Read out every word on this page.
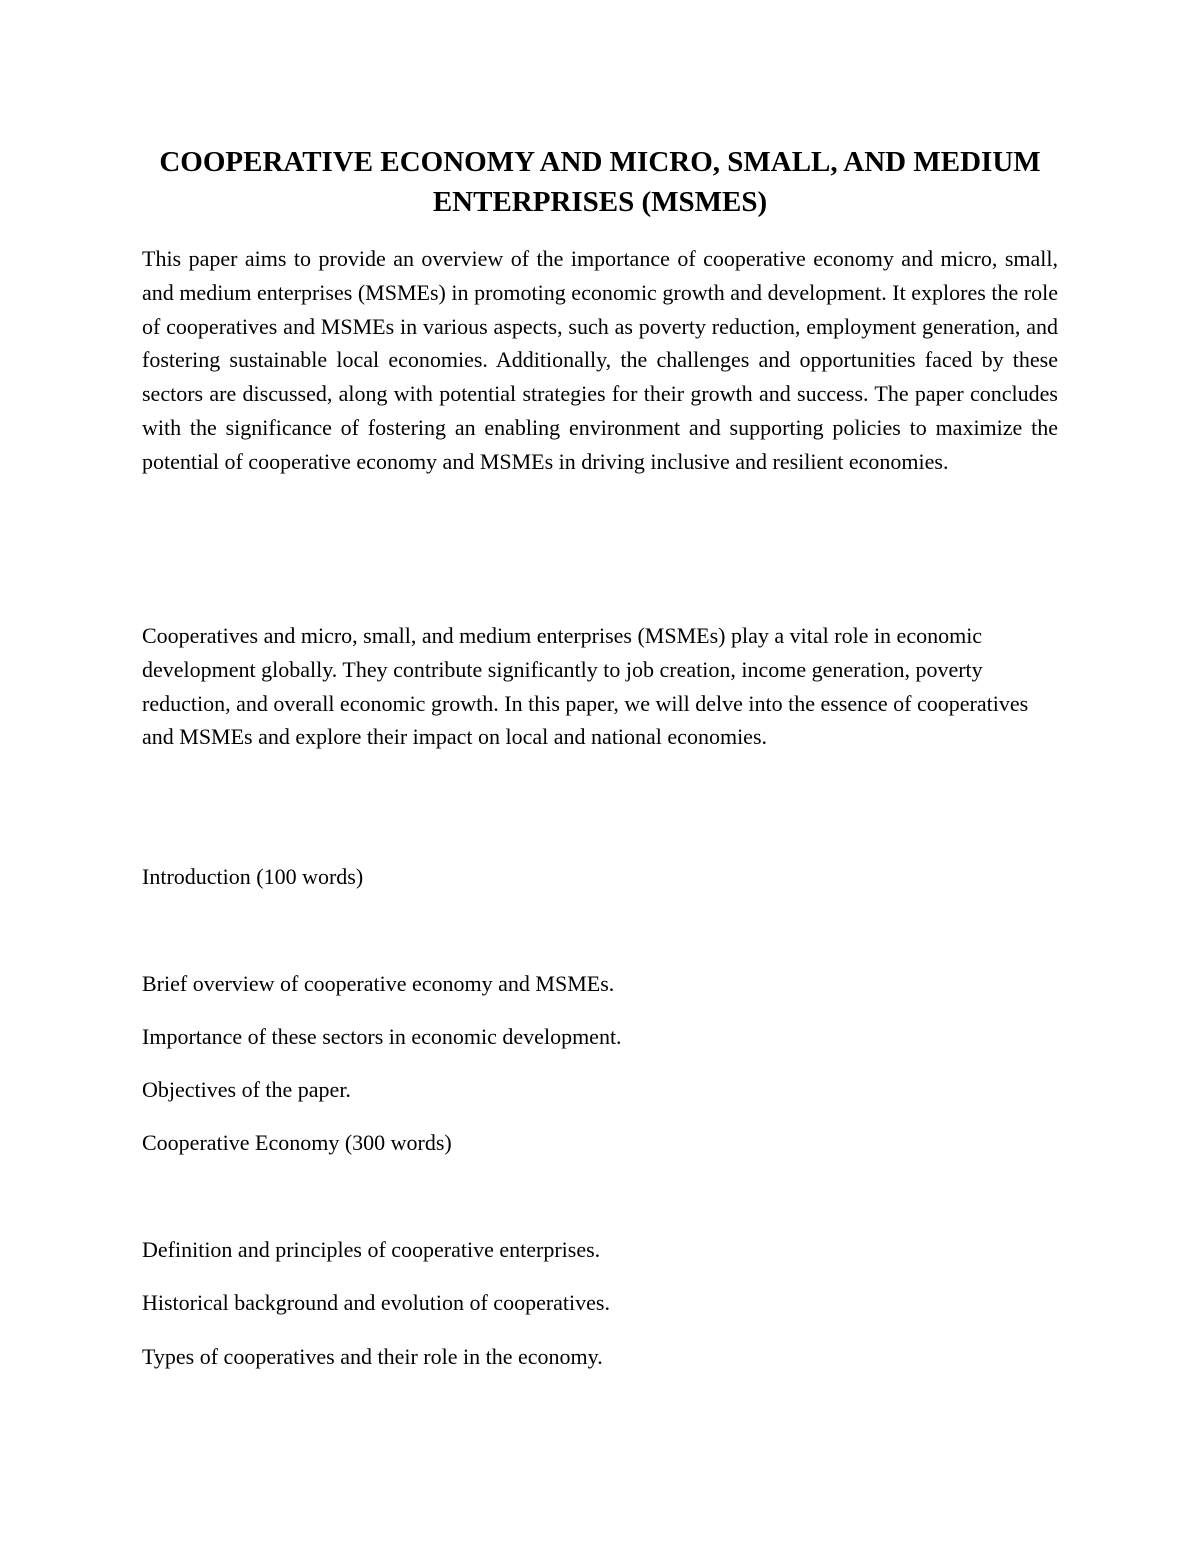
COOPERATIVE ECONOMY AND MICRO, SMALL, AND MEDIUM ENTERPRISES (MSMES)

This paper aims to provide an overview of the importance of cooperative economy and micro, small, and medium enterprises (MSMEs) in promoting economic growth and development. It explores the role of cooperatives and MSMEs in various aspects, such as poverty reduction, employment generation, and fostering sustainable local economies. Additionally, the challenges and opportunities faced by these sectors are discussed, along with potential strategies for their growth and success. The paper concludes with the significance of fostering an enabling environment and supporting policies to maximize the potential of cooperative economy and MSMEs in driving inclusive and resilient economies.

Cooperatives and micro, small, and medium enterprises (MSMEs) play a vital role in economic development globally. They contribute significantly to job creation, income generation, poverty reduction, and overall economic growth. In this paper, we will delve into the essence of cooperatives and MSMEs and explore their impact on local and national economies.

Introduction (100 words)

Brief overview of cooperative economy and MSMEs.

Importance of these sectors in economic development.

Objectives of the paper.

Cooperative Economy (300 words)

Definition and principles of cooperative enterprises.

Historical background and evolution of cooperatives.

Types of cooperatives and their role in the economy.
